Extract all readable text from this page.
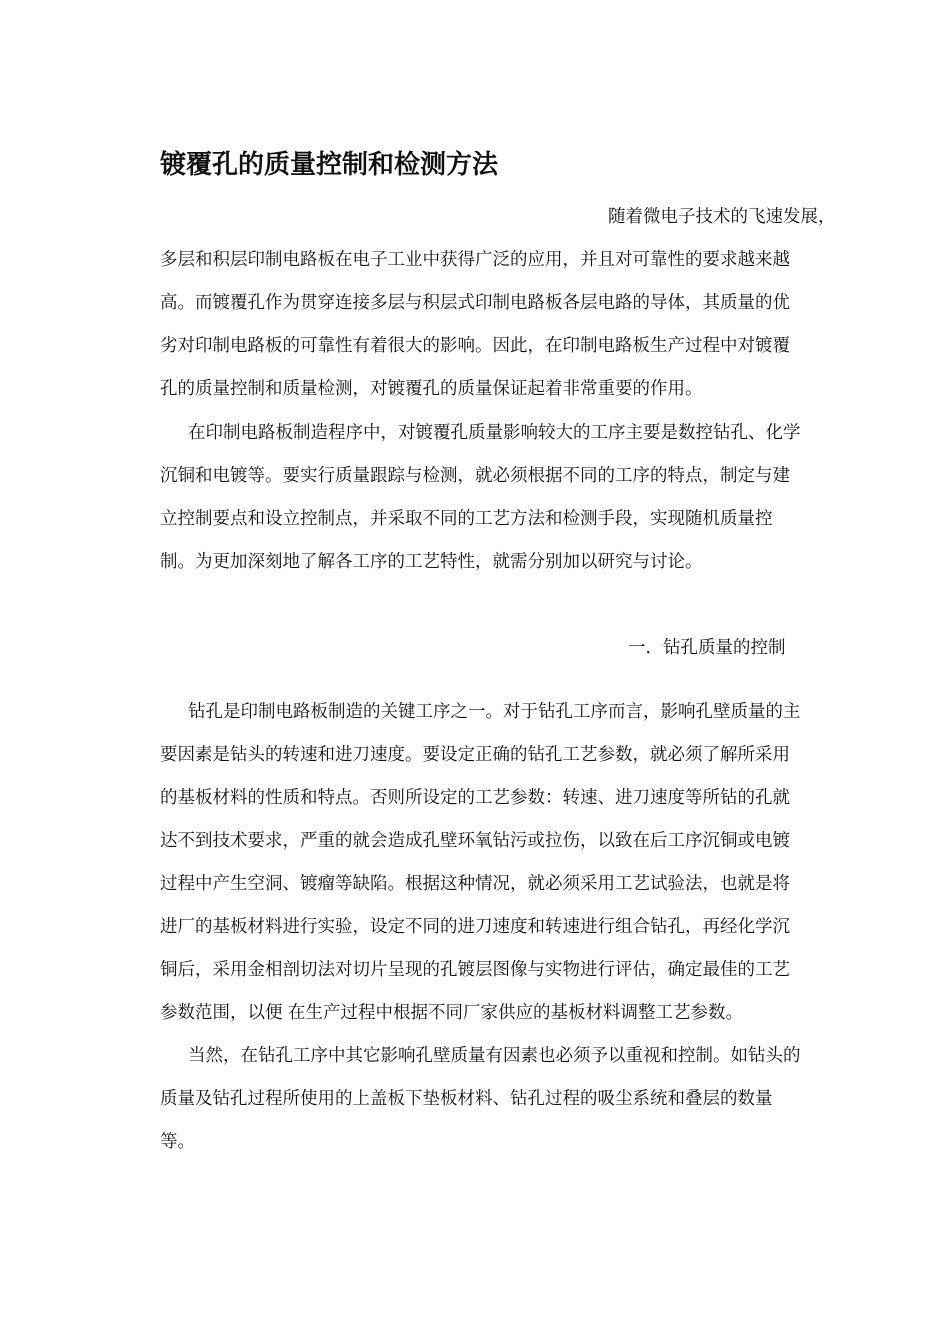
镀覆孔的质量控制和检测方法
随着微电子技术的飞速发展，
多层和积层印制电路板在电子工业中获得广泛的应用，并且对可靠性的要求越来越
高。而镀覆孔作为贯穿连接多层与积层式印制电路板各层电路的导体，其质量的优
劣对印制电路板的可靠性有着很大的影响。因此，在印制电路板生产过程中对镀覆
孔的质量控制和质量检测，对镀覆孔的质量保证起着非常重要的作用。
在印制电路板制造程序中，对镀覆孔质量影响较大的工序主要是数控钻孔、化学
沉铜和电镀等。要实行质量跟踪与检测，就必须根据不同的工序的特点，制定与建
立控制要点和设立控制点，并采取不同的工艺方法和检测手段，实现随机质量控
制。为更加深刻地了解各工序的工艺特性，就需分别加以研究与讨论。
一．钻孔质量的控制
钻孔是印制电路板制造的关键工序之一。对于钻孔工序而言，影响孔壁质量的主
要因素是钻头的转速和进刀速度。要设定正确的钻孔工艺参数，就必须了解所采用
的基板材料的性质和特点。否则所设定的工艺参数：转速、进刀速度等所钻的孔就
达不到技术要求，严重的就会造成孔壁环氧钻污或拉伤，以致在后工序沉铜或电镀
过程中产生空洞、镀瘤等缺陷。根据这种情况，就必须采用工艺试验法，也就是将
进厂的基板材料进行实验，设定不同的进刀速度和转速进行组合钻孔，再经化学沉
铜后，采用金相剖切法对切片呈现的孔镀层图像与实物进行评估，确定最佳的工艺
参数范围，以便 在生产过程中根据不同厂家供应的基板材料调整工艺参数。
当然，在钻孔工序中其它影响孔壁质量有因素也必须予以重视和控制。如钻头的
质量及钻孔过程所使用的上盖板下垫板材料、钻孔过程的吸尘系统和叠层的数量
等。
